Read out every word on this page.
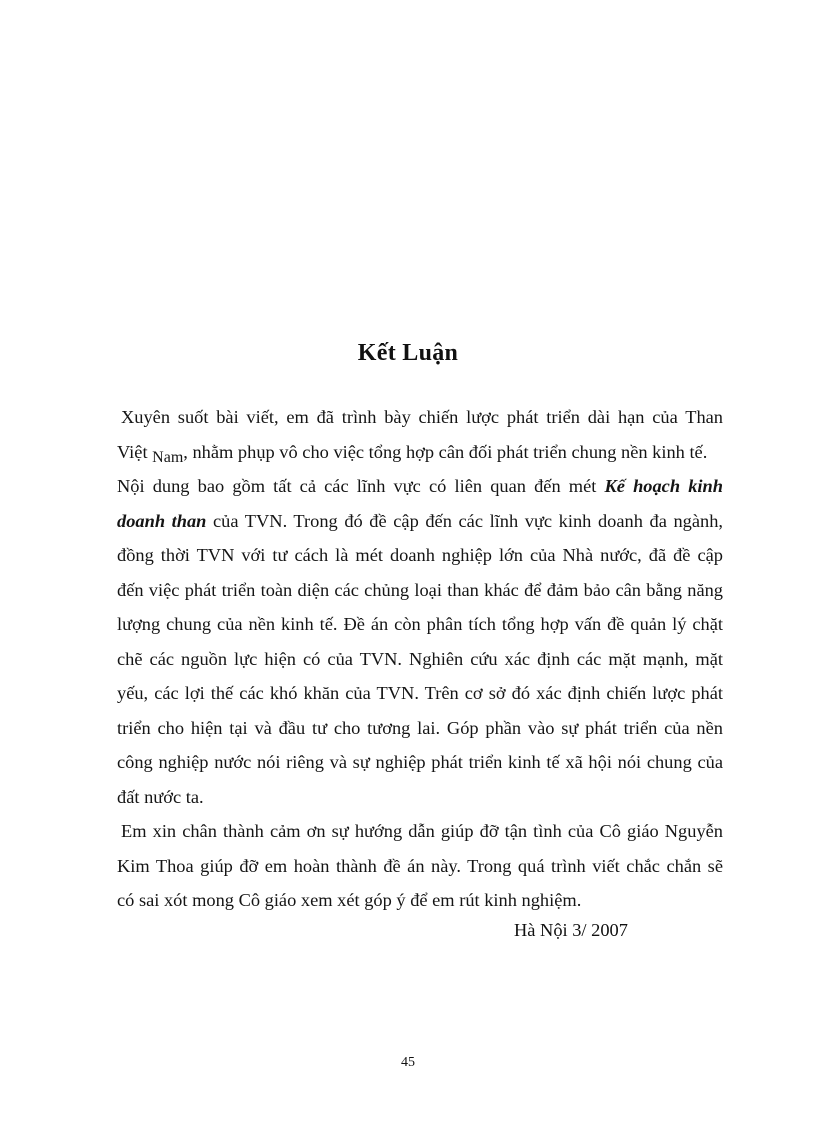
Kết Luận
Xuyên suốt bài viết, em đã trình bày chiến lược phát triển dài hạn của Than
Việt Nam, nhằm phụp vô cho việc tổng hợp cân đối phát triển chung nền kinh tế.
Nội dung bao gồm tất cả các lĩnh vực có liên quan đến mét Kế hoạch kinh
doanh than của TVN. Trong đó đề cập đến các lĩnh vực kinh doanh đa ngành,
đồng thời TVN với tư cách là mét doanh nghiệp lớn của Nhà nước, đã đề cập
đến việc phát triển toàn diện các chủng loại than khác để đảm bảo cân bằng năng
lượng chung của nền kinh tế. Đề án còn phân tích tổng hợp vấn đề quản lý chặt
chẽ các nguồn lực hiện có của TVN. Nghiên cứu xác định các mặt mạnh, mặt
yếu, các lợi thế các khó khăn của TVN. Trên cơ sở đó xác định chiến lược phát
triển cho hiện tại và đầu tư cho tương lai. Góp phần vào sự phát triển của nền
công nghiệp nước nói riêng và sự nghiệp phát triển kinh tế xã hội nói chung của
đất nước ta.
Em xin chân thành cảm ơn sự hướng dẫn giúp đỡ tận tình của Cô giáo Nguyễn
Kim Thoa giúp đỡ em hoàn thành đề án này. Trong quá trình viết chắc chắn sẽ
có sai xót mong Cô giáo xem xét góp ý để em rút kinh nghiệm.
Hà Nội 3/ 2007
45
